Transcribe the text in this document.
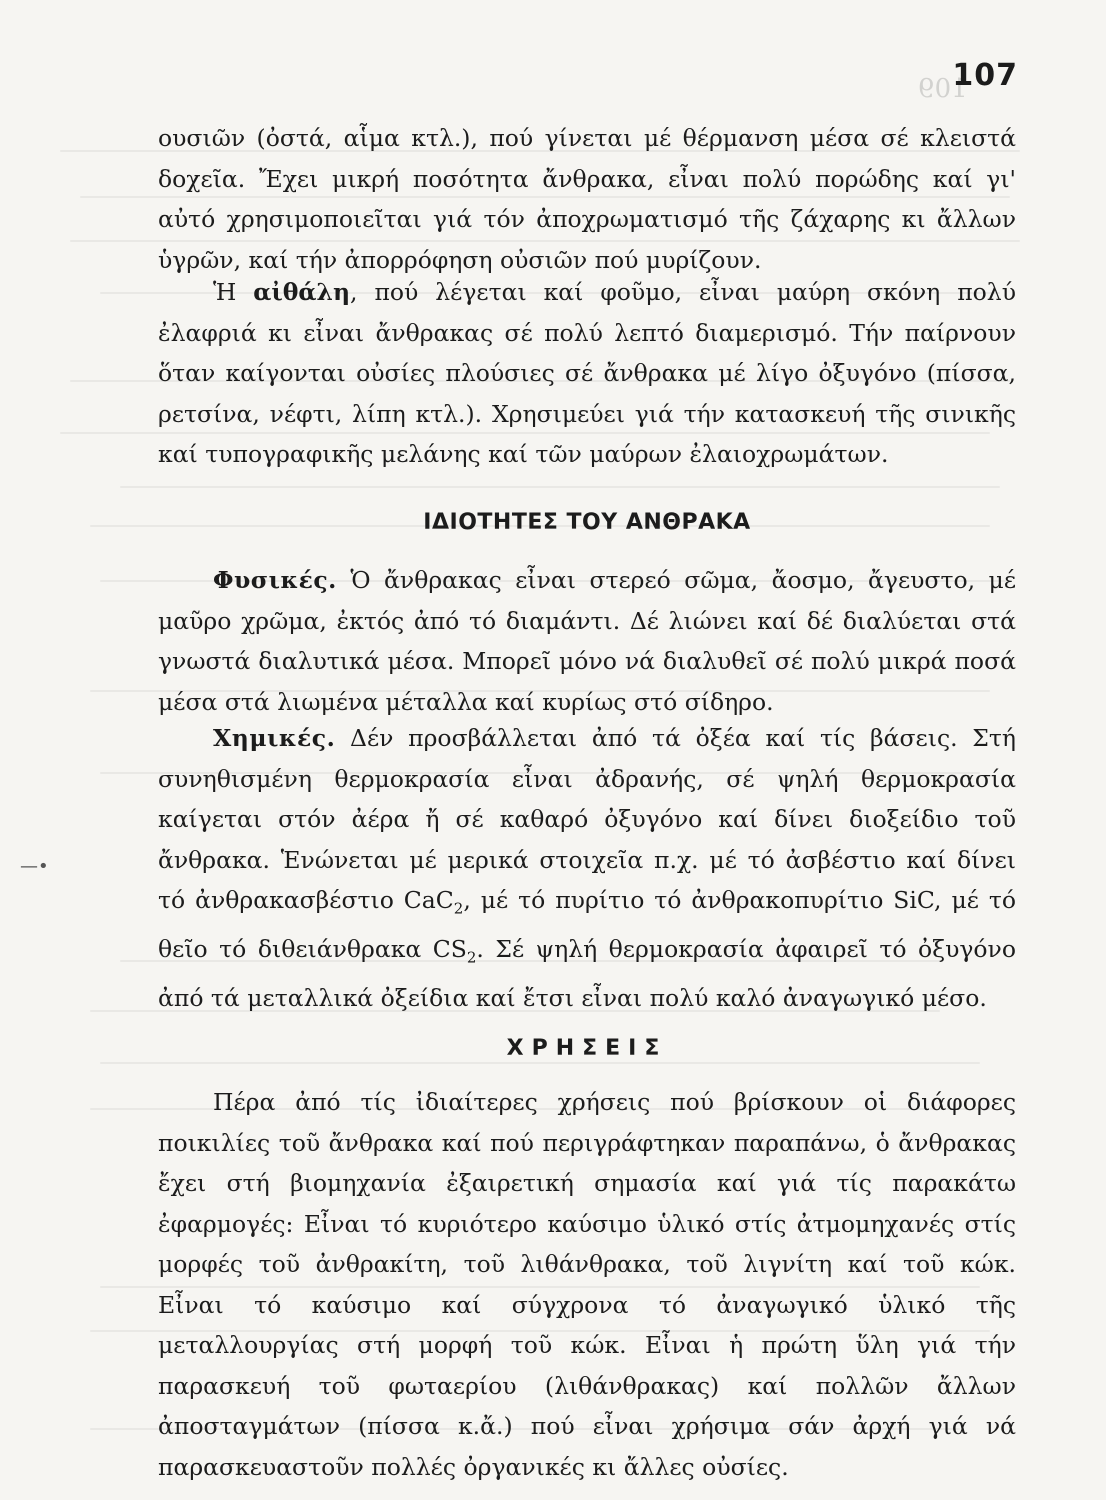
109
107
—•

ουσιῶν (ὀστά, αἷμα κτλ.), πού γίνεται μέ θέρμανση μέσα σέ κλειστά δοχεῖα. Ἔχει μικρή ποσότητα ἄνθρακα, εἶναι πολύ πορώδης καί γι' αὐτό χρησιμοποιεῖται γιά τόν ἀποχρωματισμό τῆς ζάχαρης κι ἄλλων ὑγρῶν, καί τήν ἀπορρόφηση οὐσιῶν πού μυρίζουν.

Ἡ αἰθάλη, πού λέγεται καί φοῦμο, εἶναι μαύρη σκόνη πολύ ἐλαφριά κι εἶναι ἄνθρακας σέ πολύ λεπτό διαμερισμό. Τήν παίρνουν ὅταν καίγονται οὐσίες πλούσιες σέ ἄνθρακα μέ λίγο ὀξυγόνο (πίσσα, ρετσίνα, νέφτι, λίπη κτλ.). Χρησιμεύει γιά τήν κατασκευή τῆς σινικῆς καί τυπογραφικῆς μελάνης καί τῶν μαύρων ἐλαιοχρωμάτων.

ΙΔΙΟΤΗΤΕΣ ΤΟΥ ΑΝΘΡΑΚΑ

Φυσικές. Ὁ ἄνθρακας εἶναι στερεό σῶμα, ἄοσμο, ἄγευστο, μέ μαῦρο χρῶμα, ἐκτός ἀπό τό διαμάντι. Δέ λιώνει καί δέ διαλύεται στά γνωστά διαλυτικά μέσα. Μπορεῖ μόνο νά διαλυθεῖ σέ πολύ μικρά ποσά μέσα στά λιωμένα μέταλλα καί κυρίως στό σίδηρο.

Χημικές. Δέν προσβάλλεται ἀπό τά ὀξέα καί τίς βάσεις. Στή συνηθισμένη θερμοκρασία εἶναι ἀδρανής, σέ ψηλή θερμοκρασία καίγεται στόν ἀέρα ἤ σέ καθαρό ὀξυγόνο καί δίνει διοξείδιο τοῦ ἄνθρακα. Ἑνώνεται μέ μερικά στοιχεῖα π.χ. μέ τό ἀσβέστιο καί δίνει τό ἀνθρακασβέστιο CaC$_2$, μέ τό πυρίτιο τό ἀνθρακοπυρίτιο SiC, μέ τό θεῖο τό διθειάνθρακα $CS_2$. Σέ ψηλή θερμοκρασία ἀφαιρεῖ τό ὀξυγόνο ἀπό τά μεταλλικά ὀξείδια καί ἔτσι εἶναι πολύ καλό ἀναγωγικό μέσο.

ΧΡΗΣΕΙΣ

Πέρα ἀπό τίς ἰδιαίτερες χρήσεις πού βρίσκουν οἱ διάφορες ποικιλίες τοῦ ἄνθρακα καί πού περιγράφτηκαν παραπάνω, ὁ ἄνθρακας ἔχει στή βιομηχανία ἐξαιρετική σημασία καί γιά τίς παρακάτω ἐφαρμογές: Εἶναι τό κυριότερο καύσιμο ὑλικό στίς ἀτμομηχανές στίς μορφές τοῦ ἀνθρακίτη, τοῦ λιθάνθρακα, τοῦ λιγνίτη καί τοῦ κώκ. Εἶναι τό καύσιμο καί σύγχρονα τό ἀναγωγικό ὑλικό τῆς μεταλλουργίας στή μορφή τοῦ κώκ. Εἶναι ἡ πρώτη ὕλη γιά τήν παρασκευή τοῦ φωταερίου (λιθάνθρακας) καί πολλῶν ἄλλων ἀποσταγμάτων (πίσσα κ.ἄ.) πού εἶναι χρήσιμα σάν ἀρχή γιά νά παρασκευαστοῦν πολλές ὀργανικές κι ἄλλες οὐσίες.
